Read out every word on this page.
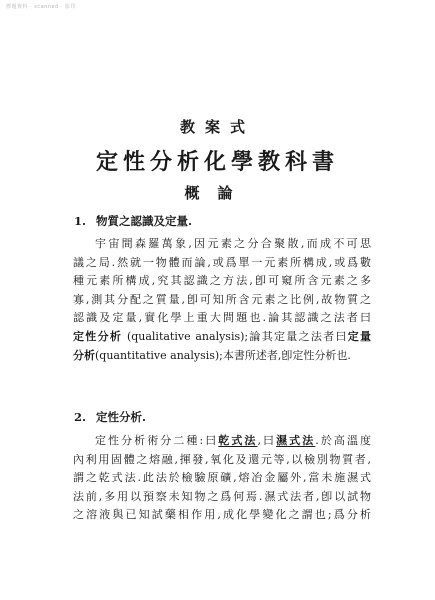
標題資料 · scanned · 影印
教案式
定性分析化學教科書
概論
1. 物質之認識及定量.
宇宙間森羅萬象,因元素之分合聚散,而成不可思
議之局.然就一物體而論,或爲單一元素所構成,或爲數
種元素所構成,究其認識之方法,卽可窺所含元素之多
寡,測其分配之質量,卽可知所含元素之比例,故物質之
認識及定量,實化學上重大問題也.論其認識之法者曰
定性分析 (qualitative analysis);論其定量之法者曰定量
分析(quantitative analysis);本書所述者,卽定性分析也.
2. 定性分析.
定性分析術分二種:曰乾式法,曰濕式法.於高溫度
內利用固體之熔融,揮發,氧化及還元等,以檢別物質者,
謂之乾式法.此法於檢驗原礦,熔冶金屬外,當未施濕式
法前,多用以預察未知物之爲何焉.濕式法者,卽以試物
之溶液與已知試藥相作用,成化學變化之謂也;爲分析
